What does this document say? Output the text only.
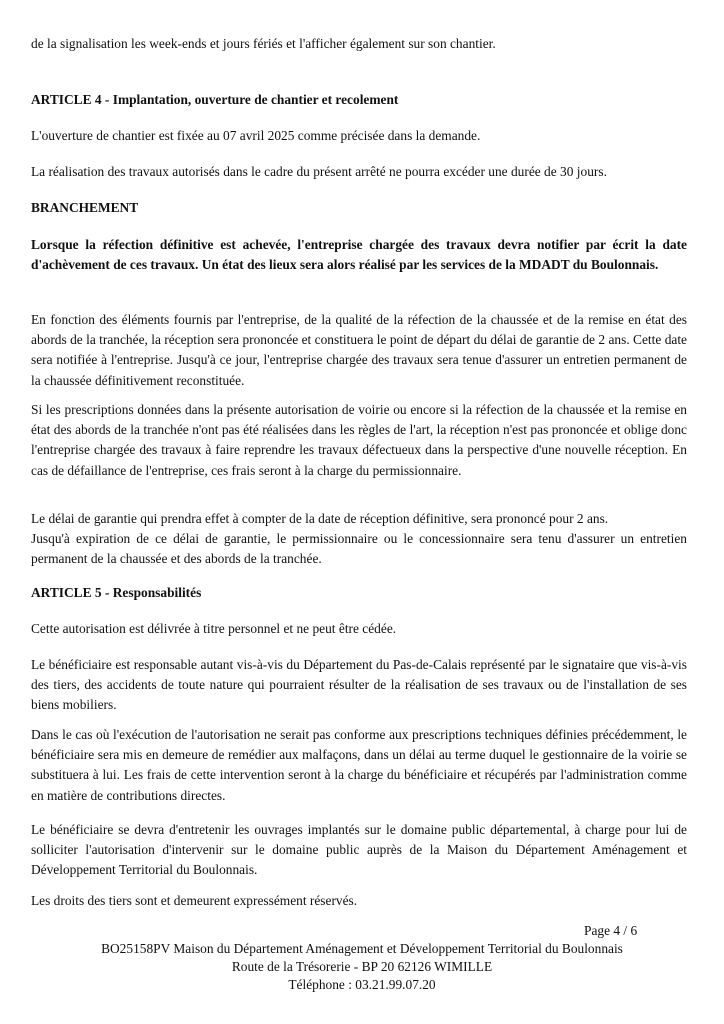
de la signalisation les week-ends et jours fériés et l'afficher également sur son chantier.

ARTICLE 4 - Implantation, ouverture de chantier et recolement

L'ouverture de chantier est fixée au 07 avril 2025 comme précisée dans la demande.

La réalisation des travaux autorisés dans le cadre du présent arrêté ne pourra excéder une durée de 30 jours.

BRANCHEMENT

Lorsque la réfection définitive est achevée, l'entreprise chargée des travaux devra notifier par écrit la date d'achèvement de ces travaux. Un état des lieux sera alors réalisé par les services de la MDADT du Boulonnais.

En fonction des éléments fournis par l'entreprise, de la qualité de la réfection de la chaussée et de la remise en état des abords de la tranchée, la réception sera prononcée et constituera le point de départ du délai de garantie de 2 ans. Cette date sera notifiée à l'entreprise. Jusqu'à ce jour, l'entreprise chargée des travaux sera tenue d'assurer un entretien permanent de la chaussée définitivement reconstituée.

Si les prescriptions données dans la présente autorisation de voirie ou encore si la réfection de la chaussée et la remise en état des abords de la tranchée n'ont pas été réalisées dans les règles de l'art, la réception n'est pas prononcée et oblige donc l'entreprise chargée des travaux à faire reprendre les travaux défectueux dans la perspective d'une nouvelle réception. En cas de défaillance de l'entreprise, ces frais seront à la charge du permissionnaire.

Le délai de garantie qui prendra effet à compter de la date de réception définitive, sera prononcé pour 2 ans.

Jusqu'à expiration de ce délai de garantie, le permissionnaire ou le concessionnaire sera tenu d'assurer un entretien permanent de la chaussée et des abords de la tranchée.

ARTICLE 5 - Responsabilités

Cette autorisation est délivrée à titre personnel et ne peut être cédée.

Le bénéficiaire est responsable autant vis-à-vis du Département du Pas-de-Calais représenté par le signataire que vis-à-vis des tiers, des accidents de toute nature qui pourraient résulter de la réalisation de ses travaux ou de l'installation de ses biens mobiliers.

Dans le cas où l'exécution de l'autorisation ne serait pas conforme aux prescriptions techniques définies précédemment, le bénéficiaire sera mis en demeure de remédier aux malfaçons, dans un délai au terme duquel le gestionnaire de la voirie se substituera à lui. Les frais de cette intervention seront à la charge du bénéficiaire et récupérés par l'administration comme en matière de contributions directes.

Le bénéficiaire se devra d'entretenir les ouvrages implantés sur le domaine public départemental, à charge pour lui de solliciter l'autorisation d'intervenir sur le domaine public auprès de la Maison du Département Aménagement et Développement Territorial du Boulonnais.

Les droits des tiers sont et demeurent expressément réservés.

Page 4 / 6
BO25158PV Maison du Département Aménagement et Développement Territorial du Boulonnais
Route de la Trésorerie - BP 20 62126 WIMILLE
Téléphone : 03.21.99.07.20
